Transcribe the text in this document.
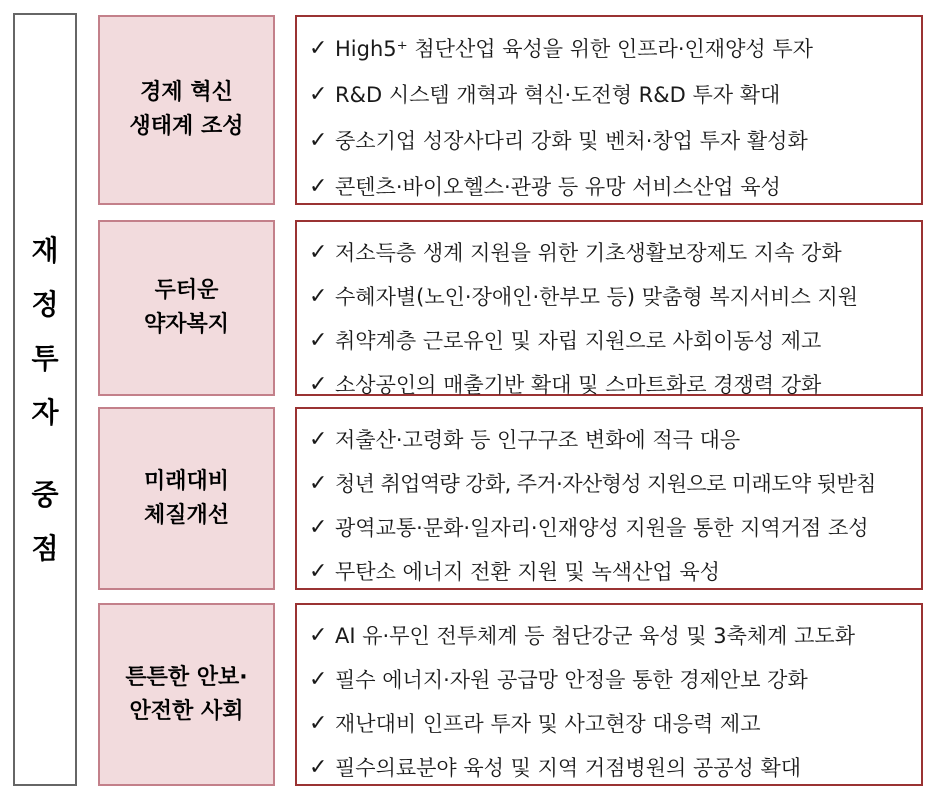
재
정
투
자
중
점
경제 혁신
생태계 조성
✓ High5⁺ 첨단산업 육성을 위한 인프라·인재양성 투자
✓ R&D 시스템 개혁과 혁신·도전형 R&D 투자 확대
✓ 중소기업 성장사다리 강화 및 벤처·창업 투자 활성화
✓ 콘텐츠·바이오헬스·관광 등 유망 서비스산업 육성
두터운
약자복지
✓ 저소득층 생계 지원을 위한 기초생활보장제도 지속 강화
✓ 수혜자별(노인·장애인·한부모 등) 맞춤형 복지서비스 지원
✓ 취약계층 근로유인 및 자립 지원으로 사회이동성 제고
✓ 소상공인의 매출기반 확대 및 스마트화로 경쟁력 강화
미래대비
체질개선
✓ 저출산·고령화 등 인구구조 변화에 적극 대응
✓ 청년 취업역량 강화, 주거·자산형성 지원으로 미래도약 뒷받침
✓ 광역교통·문화·일자리·인재양성 지원을 통한 지역거점 조성
✓ 무탄소 에너지 전환 지원 및 녹색산업 육성
튼튼한 안보·
안전한 사회
✓ AI 유·무인 전투체계 등 첨단강군 육성 및 3축체계 고도화
✓ 필수 에너지·자원 공급망 안정을 통한 경제안보 강화
✓ 재난대비 인프라 투자 및 사고현장 대응력 제고
✓ 필수의료분야 육성 및 지역 거점병원의 공공성 확대
